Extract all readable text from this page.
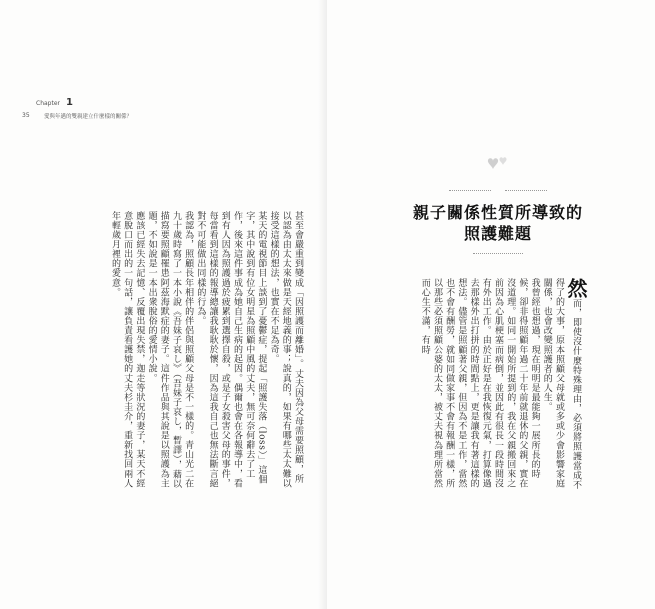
Chapter 1
35	愛與年邁的雙親建立什麼樣的關係？

甚至會嚴重到變成「因照護而離婚」。丈夫因為父母需要照顧，所以認為由太太來做是天經地義的事；說真的，如果有哪些太太難以接受這樣的想法，也實在不足為奇。

某天的電視節目上談到了憂鬱症，提起「照護失落（loss）」這個字，其中說到有位女明星為照顧中風的丈夫，無可奈何辭去了工作，後來這件事成為她自己生病的起因。偶爾也會在各報導中，看到有人因為照護過於疲累到選擇自殺，或是子女殺害父母的事件，每當看到這樣的報導總讓我耿耿於懷，因為這我自己也無法斷言絕對不可能做出同樣的行為。

我認為，照顧長年相伴的伴侶與照顧父母是不一樣的。青山光二在九十歲時寫了一本小說《吾妹子哀し》（吾妹子哀し，暫譯），藉以描寫要照顧罹患阿茲海默症的妻子。這件作品與其說是以照護為主題，不如說是一本出衆脫俗的愛情小說。

應該已經失去記憶、反覆出現失禁，迦走等狀況的妻子，某天不經意脫口而出的一句話，讓負責看護她的丈夫杉圭介，重新找回兩人年輕歲月裡的愛意。	親子關係性質所導致的
照護難題

然而，即使沒什麼特殊理由，必須將照護當成不得了的大事，原本照顧父母就或多或少會影響家庭關係，也會改變照護者的人生。

我曾經也想過，現在明明是最能夠一展所長的時候，卻非得照顧年過二十年前就退休的父親，實在沒道理。如同一開始所提到的，我在父親搬回來之前因為心肌梗塞而病倒，並因此有很長一段時間沒有外出工作。由於正好是在我恢復元氣，打算像過去那樣外出打拼的時間點上，更是讓我有著這樣的想法。儘管是照顧著父親，但因為不是工作，當然也不會有酬勞，就如同做家事不會有報酬一樣，所以那些必須照顧公婆的太太，被丈夫視為理所當然而心生不滿，有時
